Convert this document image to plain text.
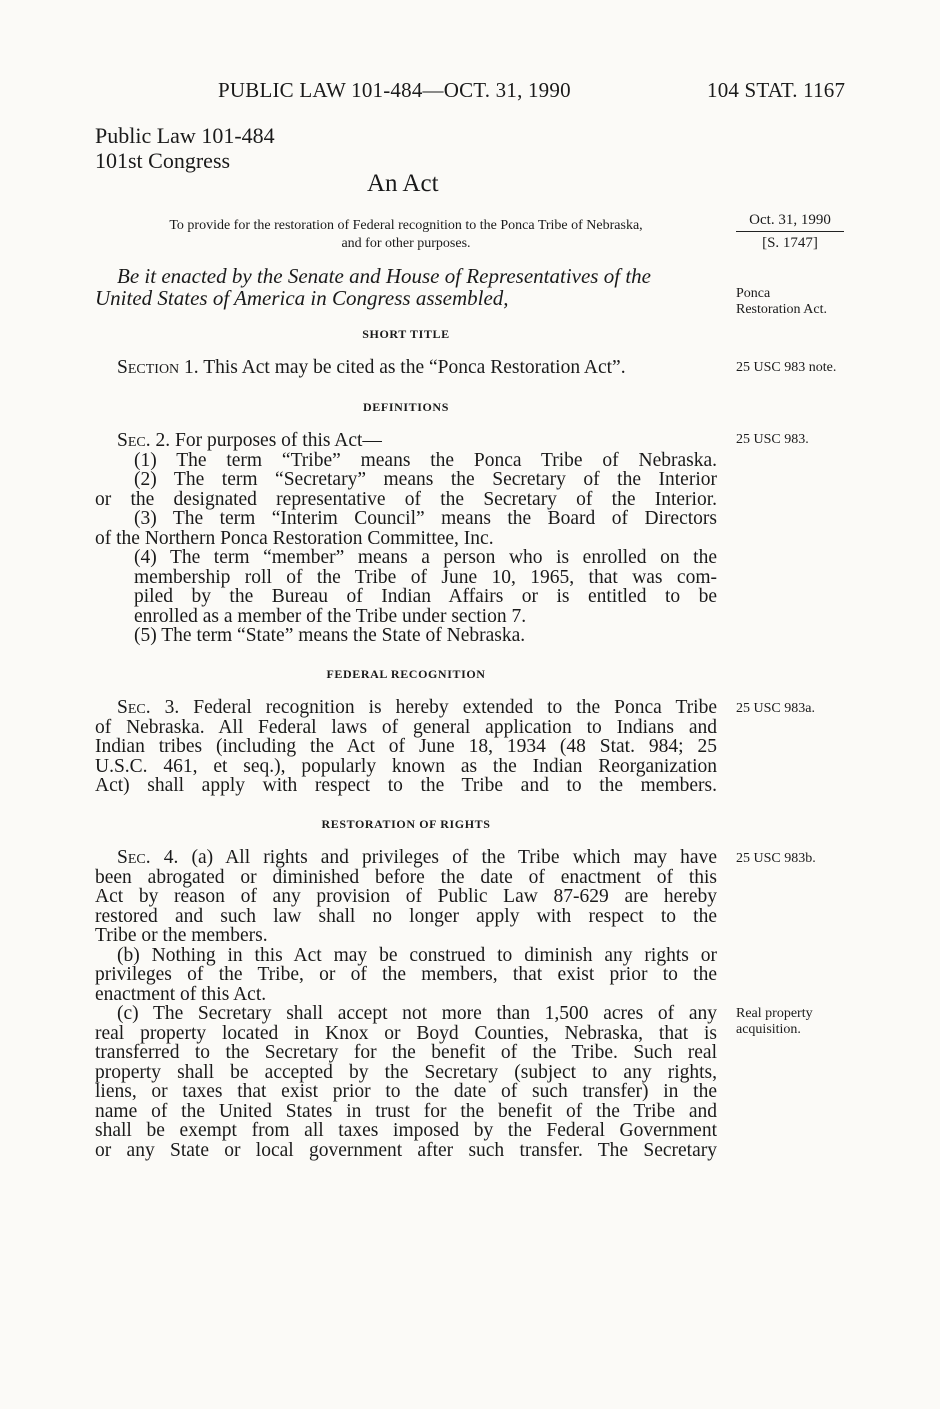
PUBLIC LAW 101-484—OCT. 31, 1990	104 STAT. 1167
Public Law 101-484
101st Congress
An Act
To provide for the restoration of Federal recognition to the Ponca Tribe of Nebraska,
and for other purposes.
Oct. 31, 1990
[S. 1747]
Be it enacted by the Senate and House of Representatives of the
United States of America in Congress assembled,	Ponca
Restoration Act.
SHORT TITLE
Section 1. This Act may be cited as the “Ponca Restoration Act”.	25 USC 983 note.
DEFINITIONS
Sec. 2. For purposes of this Act—	25 USC 983.
(1) The term “Tribe” means the Ponca Tribe of Nebraska.
(2) The term “Secretary” means the Secretary of the Interior
or the designated representative of the Secretary of the Interior.
(3) The term “Interim Council” means the Board of Directors
of the Northern Ponca Restoration Committee, Inc.
(4) The term “member” means a person who is enrolled on the
membership roll of the Tribe of June 10, 1965, that was com-
piled by the Bureau of Indian Affairs or is entitled to be
enrolled as a member of the Tribe under section 7.
(5) The term “State” means the State of Nebraska.
FEDERAL RECOGNITION
Sec. 3. Federal recognition is hereby extended to the Ponca Tribe 25 USC 983a.
of Nebraska. All Federal laws of general application to Indians and
Indian tribes (including the Act of June 18, 1934 (48 Stat. 984; 25
U.S.C. 461, et seq.), popularly known as the Indian Reorganization
Act) shall apply with respect to the Tribe and to the members.
RESTORATION OF RIGHTS
Sec. 4. (a) All rights and privileges of the Tribe which may have 25 USC 983b.
been abrogated or diminished before the date of enactment of this
Act by reason of any provision of Public Law 87-629 are hereby
restored and such law shall no longer apply with respect to the
Tribe or the members.
(b) Nothing in this Act may be construed to diminish any rights or
privileges of the Tribe, or of the members, that exist prior to the
enactment of this Act.
(c) The Secretary shall accept not more than 1,500 acres of any Real property
acquisition.
real property located in Knox or Boyd Counties, Nebraska, that is
transferred to the Secretary for the benefit of the Tribe. Such real
property shall be accepted by the Secretary (subject to any rights,
liens, or taxes that exist prior to the date of such transfer) in the
name of the United States in trust for the benefit of the Tribe and
shall be exempt from all taxes imposed by the Federal Government
or any State or local government after such transfer. The Secretary
